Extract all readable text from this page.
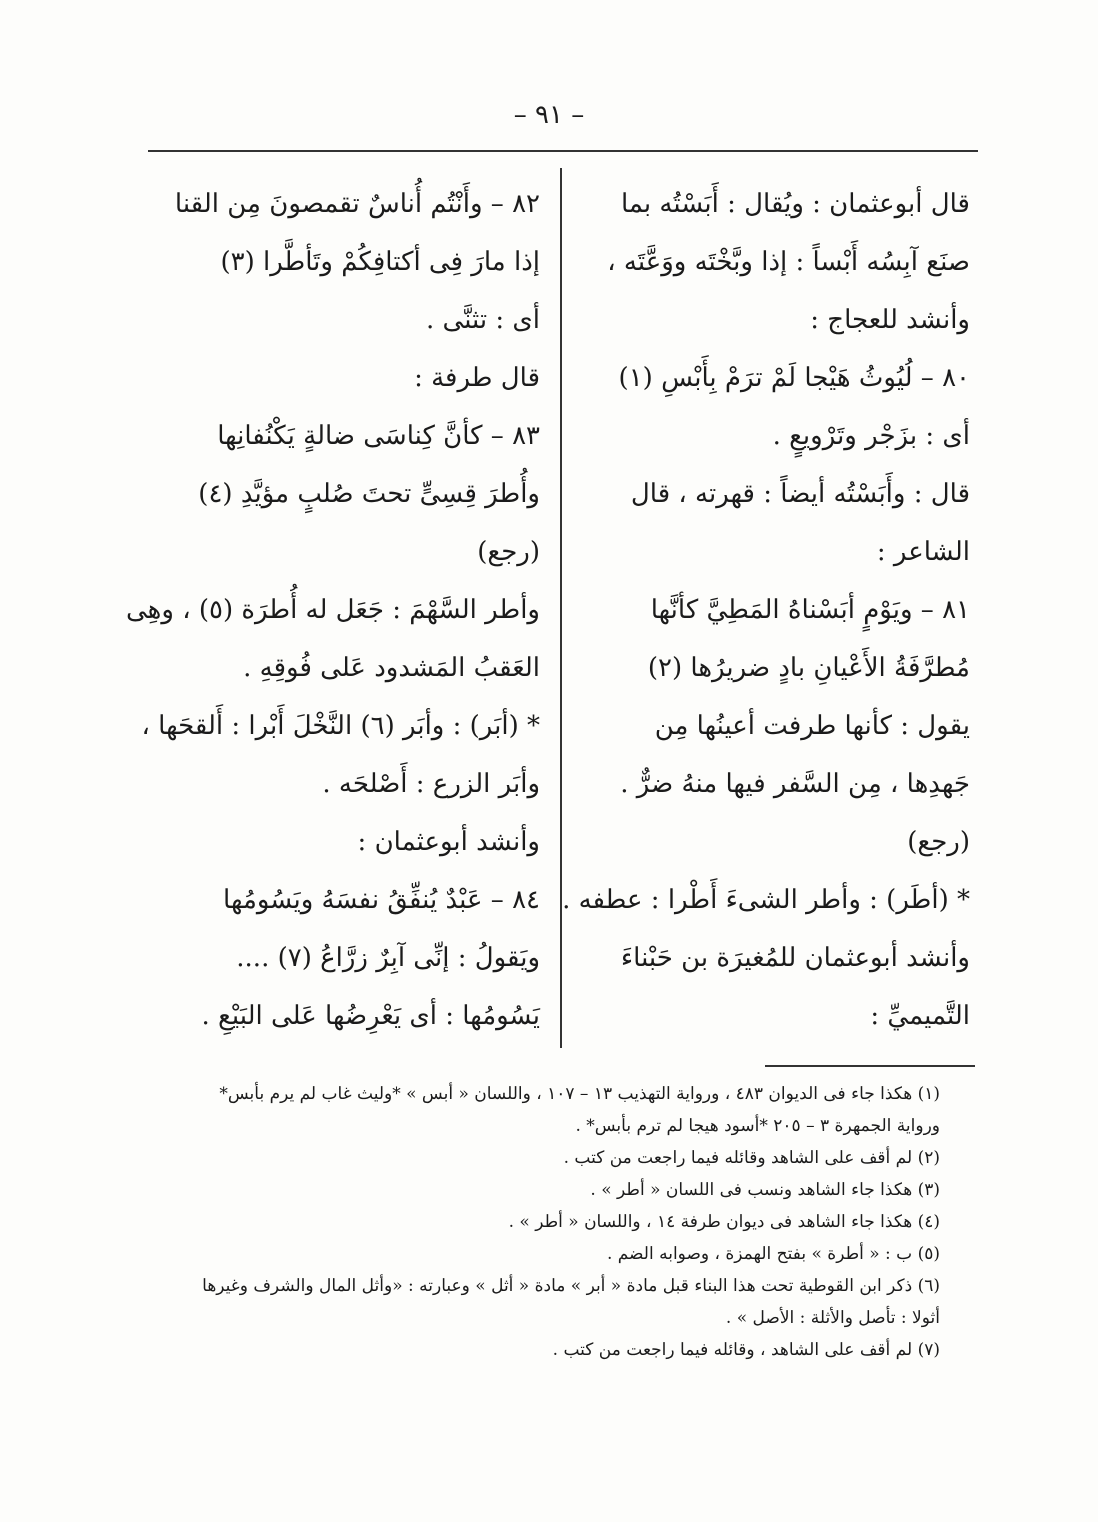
– ٩١ –

قال أبوعثمان : ويُقال : أَبَسْتُه بما

صنَع آبِسُه أَبْساً : إذا وبَّخْتَه ووَعَّتَه ،

وأنشد للعجاج :

٨٠ – لُيُوثُ هَيْجا لَمْ ترَمْ بِأَبْسِ (١)

أى : بزَجْر وتَرْويعٍ .

قال : وأَبَسْتُه أيضاً : قهرته ، قال

الشاعر :

٨١ – ويَوْمٍ أبَسْناهُ المَطِيَّ كأنَّها

مُطرَّفَةُ الأَعْيانِ بادٍ ضريرُها (٢)

يقول : كأنها طرفت أعينُها مِن

جَهدِها ، مِن السَّفر فيها منهُ ضرٌّ .

(رجع)

* (أطَر) : وأطر الشىءَ أَطْرا : عطفه .

وأنشد أبوعثمان للمُغيرَة بن حَبْناءَ

التَّميميِّ :

٨٢ – وأَنْتُم أُناسٌ تقمصونَ مِن القنا

إذا مارَ فِى أكتافِكُمْ وتَأطَّرا (٣)

أى : تثنَّى .

قال طرفة :

٨٣ – كأنَّ كِناسَى ضالةٍ يَكْنُفانِها

وأُطرَ قِسِىٍّ تحتَ صُلبٍ مؤيَّدِ (٤)

(رجع)

وأطر السَّهْمَ : جَعَل له أُطرَة (٥) ، وهِى

العَقبُ المَشدود عَلى فُوقِهِ .

* (أبَر) : وأبَر (٦) النَّخْلَ أَبْرا : أَلقحَها ،

وأبَر الزرع : أَصْلحَه .

وأنشد أبوعثمان :

٨٤ – عَبْدٌ يُنفِّقُ نفسَهُ ويَسُومُها

ويَقولُ : إنِّى آبِرٌ زرَّاعُ (٧) ....

يَسُومُها : أى يَعْرِضُها عَلى البَيْعِ .

(١) هكذا جاء فى الديوان ٤٨٣ ، ورواية التهذيب ١٣ – ١٠٧ ، واللسان « أبس » *وليث غاب لم يرم بأبس*

ورواية الجمهرة ٣ – ٢٠٥ *أسود هيجا لم ترم بأبس* .

(٢) لم أقف على الشاهد وقائله فيما راجعت من كتب .

(٣) هكذا جاء الشاهد ونسب فى اللسان « أطر » .

(٤) هكذا جاء الشاهد فى ديوان طرفة ١٤ ، واللسان « أطر » .

(٥) ب : « أطرة » بفتح الهمزة ، وصوابه الضم .

(٦) ذكر ابن القوطية تحت هذا البناء قبل مادة « أبر » مادة « أثل » وعبارته : «وأثل المال والشرف وغيرها

أثولا : تأصل والأثلة : الأصل » .

(٧) لم أقف على الشاهد ، وقائله فيما راجعت من كتب .
